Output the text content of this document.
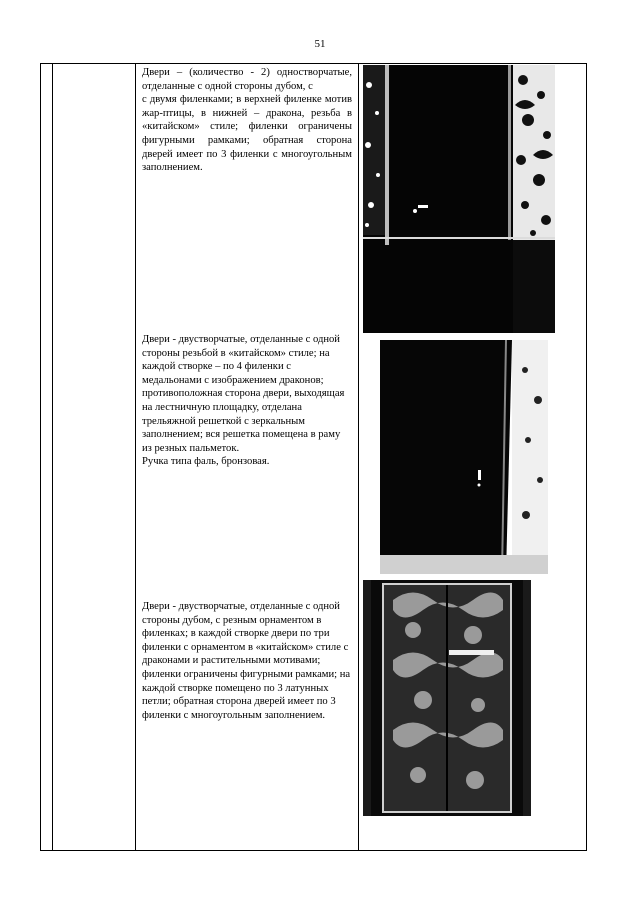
51

Двери – (количество - 2) одностворчатые, отделанные с одной стороны дубом, с

с двумя филенками; в верхней филенке мотив жар-птицы, в нижней – дракона, резьба в «китайском» стиле; филенки ограничены фигурными рамками; обратная сторона дверей имеет по 3 филенки с многоугольным заполнением.

Двери - двустворчатые, отделанные с одной стороны резьбой в «китайском» стиле; на каждой створке – по 4 филенки с медальонами с изображением драконов; противоположная сторона двери, выходящая на лестничную площадку, отделана трельяжной решеткой с зеркальным заполнением; вся решетка помещена в раму из резных пальметок.

Ручка типа фаль, бронзовая.

Двери - двустворчатые, отделанные с одной стороны дубом, с резным орнаментом в филенках; в каждой створке двери по три филенки с орнаментом в «китайском» стиле с драконами и растительными мотивами; филенки ограничены фигурными рамками; на каждой створке помещено по 3 латунных петли; обратная сторона дверей имеет по 3 филенки с многоугольным заполнением.
